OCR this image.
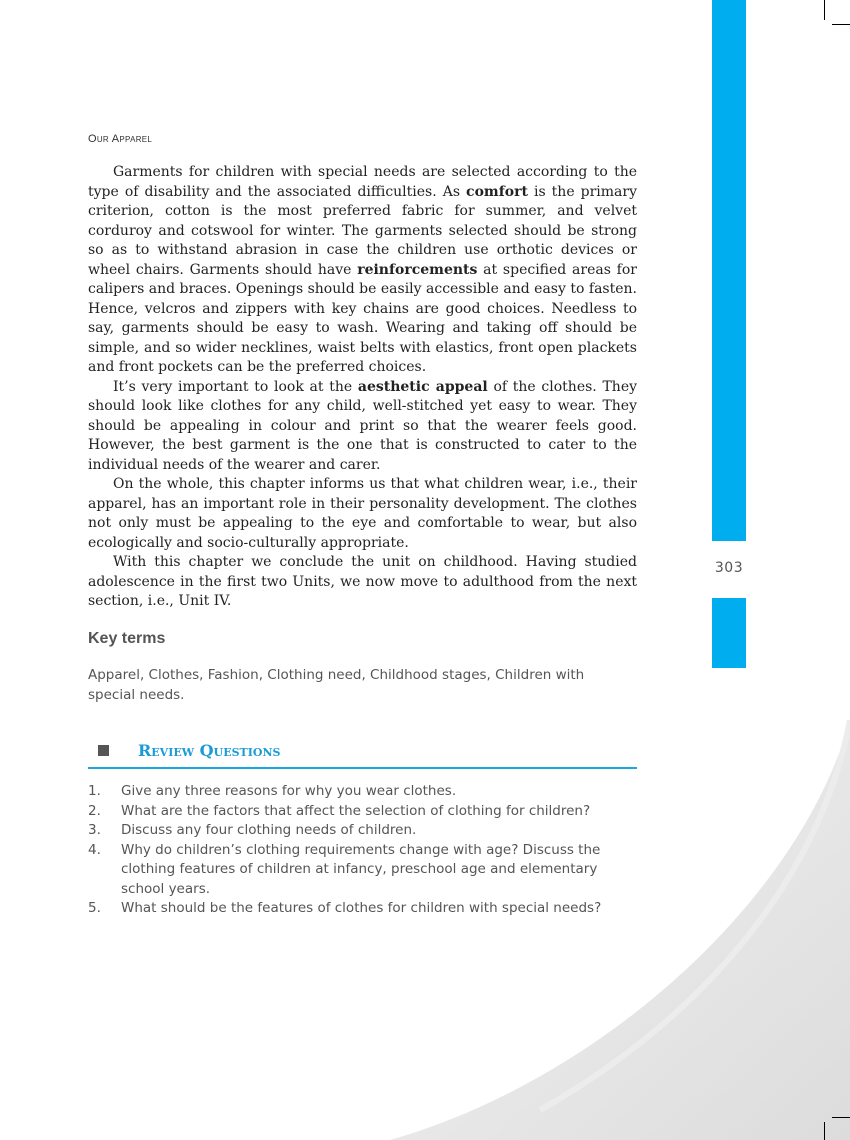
303
Our Apparel

Garments for children with special needs are selected according to the type of disability and the associated difficulties. As comfort is the primary criterion, cotton is the most preferred fabric for summer, and velvet corduroy and cotswool for winter. The garments selected should be strong so as to withstand abrasion in case the children use orthotic devices or wheel chairs. Garments should have reinforcements at specified areas for calipers and braces. Openings should be easily accessible and easy to fasten. Hence, velcros and zippers with key chains are good choices. Needless to say, garments should be easy to wash. Wearing and taking off should be simple, and so wider necklines, waist belts with elastics, front open plackets and front pockets can be the preferred choices.

It’s very important to look at the aesthetic appeal of the clothes. They should look like clothes for any child, well-stitched yet easy to wear. They should be appealing in colour and print so that the wearer feels good. However, the best garment is the one that is constructed to cater to the individual needs of the wearer and carer.

On the whole, this chapter informs us that what children wear, i.e., their apparel, has an important role in their personality development. The clothes not only must be appealing to the eye and comfortable to wear, but also ecologically and socio-culturally appropriate.

With this chapter we conclude the unit on childhood. Having studied adolescence in the first two Units, we now move to adulthood from the next section, i.e., Unit IV.

Key terms
Apparel, Clothes, Fashion, Clothing need, Childhood stages, Children with special needs.
Review Questions
1.	Give any three reasons for why you wear clothes.
2.	What are the factors that affect the selection of clothing for children?
3.	Discuss any four clothing needs of children.
4.	Why do children’s clothing requirements change with age? Discuss the clothing features of children at infancy, preschool age and elementary school years.
5.	What should be the features of clothes for children with special needs?
